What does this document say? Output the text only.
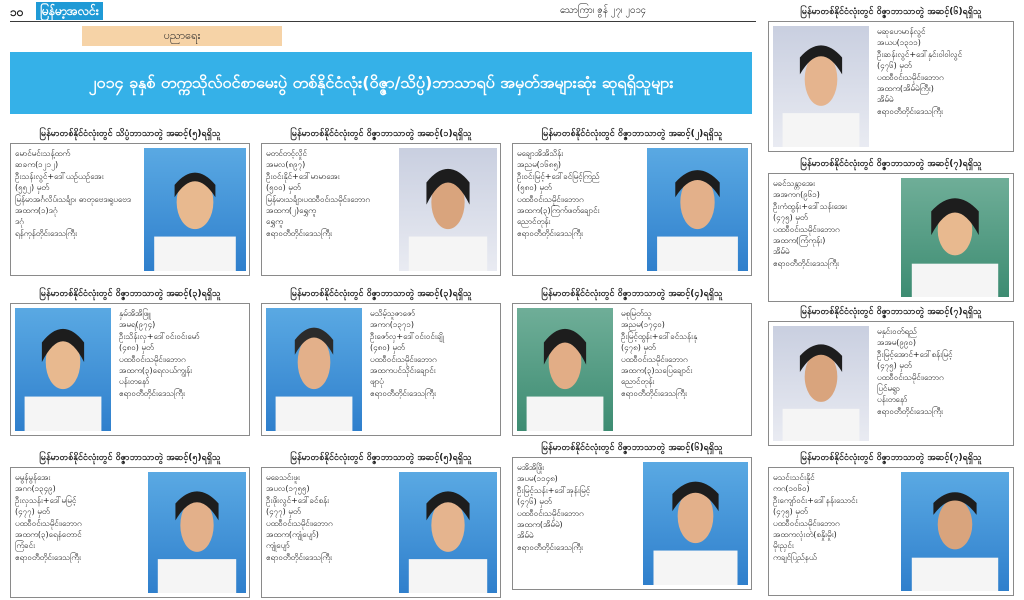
၁၀	မြန်မာ့အလင်း	သောကြာ၊ ဇွန် ၂၇၊ ၂၀၁၄
ပညာရေး
၂၀၁၄ ခုနှစ် တက္ကသိုလ်ဝင်စာမေးပွဲ တစ်နိုင်ငံလုံး(ဝိဇ္ဇာ/သိပ္ပံ)ဘာသာရပ် အမှတ်အများဆုံး ဆုရရှိသူများ
မြန်မာတစ်နိုင်ငံလုံးတွင် သိပ္ပံဘာသာတွဲ အဆင့်(၅)ရရှိသူ
မောင်မင်းသန့်ထက်
ဆခက(၁၂၁၂)
ဦးသန်းလွင်+ဒေါ်ယဉ်ယဉ်အေး
(၅၅၂) မှတ်
မြန်မာအင်္ဂလိပ်၊သင်္ချာ၊ ဓာတုဗေဒ၊ရူပဗေဒ
အထက(၁)ဒဂုံ
ဒဂုံ
ရန်ကုန်တိုင်းဒေသကြီး
မြန်မာတစ်နိုင်ငံလုံးတွင် ဝိဇ္ဇာဘာသာတွဲ အဆင့်(၁)ရရှိသူ
မတင်တင့်လှိုင်
အမလ(၈၉၇)
ဦးဝင်းနိုင်+ဒေါ်မာမာအေး
(၅၀၀) မှတ်
မြန်မာ၊သင်္ချာ၊ပထဝီဝင်၊သမိုင်း၊ဘောဂ
အထက(၂)ရွှေကူ
ရွှေကူ
ဧရာဝတီတိုင်းဒေသကြီး
မြန်မာတစ်နိုင်ငံလုံးတွင် ဝိဇ္ဇာဘာသာတွဲ အဆင့်(၂)ရရှိသူ
မချောအိအိသိန်း
အညမ(၁၆၈၅)
ဦးဝင်းမြင့်+ဒေါ်ခင်မြင့်ကြည်
(၅၈၀) မှတ်
ပထဝီဝင်၊သမိုင်း၊ဘောဂ
အထက(၃)ကြက်ဖတ်ချောင်း
ညောင်တုန်း
ဧရာဝတီတိုင်းဒေသကြီး
မြန်မာတစ်နိုင်ငံလုံးတွင် ဝိဇ္ဇာဘာသာတွဲ အဆင့်(၃)ရရှိသူ
နှမ်အိအိဖြူ
အမရ(၉၇၄)
ဦးသိန်းလှ+ဒေါ်ဝင်းဝင်းမော်
(၄၈၀) မှတ်
ပထဝီဝင်၊သမိုင်း၊ဘောဂ
အထက(၃)ရေလယ်ကျွန်း
ပန်းတနော်
ဧရာဝတီတိုင်းဒေသကြီး
မြန်မာတစ်နိုင်ငံလုံးတွင် ဝိဇ္ဇာဘာသာတွဲ အဆင့်(၃)ရရှိသူ
မသိမ့်သူဇာဇော်
အကဂ(၁၃၇၁)
ဦးဇော်လှ+ဒေါ်ဝင်းဝင်းချို
(၄၈၀) မှတ်
ပထဝီဝင်၊သမိုင်း၊ဘောဂ
အထကပင်သိုင်းချောင်း
ဖျာပုံ
ဧရာဝတီတိုင်းဒေသကြီး
မြန်မာတစ်နိုင်ငံလုံးတွင် ဝိဇ္ဇာဘာသာတွဲ အဆင့်(၄)ရရှိသူ
မစုမြတ်သူ
အညမ(၁၇၄၀)
ဦးမြင့်ထွန်း+ဒေါ်ခင်သန်းနု
(၄၇၈) မှတ်
ပထဝီဝင်၊သမိုင်း၊ဘောဂ
အထက(၃)သပြေချောင်း
ညောင်တုန်း
ဧရာဝတီတိုင်းဒေသကြီး
မြန်မာတစ်နိုင်ငံလုံးတွင် ဝိဇ္ဇာဘာသာတွဲ အဆင့်(၅)ရရှိသူ
မမွန်မွန်အေး
အဂဂ(၁၃၄၉)
ဦးလှသန်း+ဒေါ်မမြင့်
(၄၇၇) မှတ်
ပထဝီဝင်၊သမိုင်း၊ဘောဂ
အထက(၃)ရေနံတောင်
ကြံခင်း
ဧရာဝတီတိုင်းဒေသကြီး
မြန်မာတစ်နိုင်ငံလုံးတွင် ဝိဇ္ဇာဘာသာတွဲ အဆင့်(၅)ရရှိသူ
မခေသင်းဖူး
အပလ(၁၇၅၅)
ဦးဖိုးလွင်+ဒေါ်ခင်စန်း
(၄၇၇) မှတ်
ပထဝီဝင်၊သမိုင်း၊ဘောဂ
အထက(ကျုံပျော်)
ကျုံပျော်
ဧရာဝတီတိုင်းဒေသကြီး
မြန်မာတစ်နိုင်ငံလုံးတွင် ဝိဇ္ဇာဘာသာတွဲ အဆင့်(၆)ရရှိသူ
မအိအိဖြိုး
အပမ(၁၁၄၈)
ဦးမြင့်သန်း+ဒေါ်အုန်းမြင့်
(၄၇၆) မှတ်
ပထဝီဝင်၊သမိုင်း၊ဘောဂ
အထက(အိမ်မဲ)
အိမ်မဲ
ဧရာဝတီတိုင်းဒေသကြီး
မြန်မာတစ်နိုင်ငံလုံးတွင် ဝိဇ္ဇာဘာသာတွဲ အဆင့်(၆)ရရှိသူ
မဆုဟေမာန်လွင်
အယပ(၁၃၁၁)
ဦးဆန်းလွင်+ဒေါ်နှင်းဝါဝါလွင်
(၄၇၆) မှတ်
ပထဝီဝင်၊သမိုင်း၊ဘောဂ
အထက(အိမ်မဲကြီး)
အိမ်မဲ
ဧရာဝတီတိုင်းဒေသကြီး
မြန်မာတစ်နိုင်ငံလုံးတွင် ဝိဇ္ဇာဘာသာတွဲ အဆင့်(၇)ရရှိသူ
မခင်သန္တာအေး
အအကဂ(၉၆၁)
ဦးကံထွန်း+ဒေါ်သန်းအေး
(၄၇၅) မှတ်
ပထဝီဝင်၊သမိုင်း၊ဘောဂ
အထက(ကြံကုန်း)
အိမ်မဲ
ဧရာဝတီတိုင်းဒေသကြီး
မြန်မာတစ်နိုင်ငံလုံးတွင် ဝိဇ္ဇာဘာသာတွဲ အဆင့်(၇)ရရှိသူ
မနှင်းဝတ်ရည်
အအမ(၉၉၀)
ဦးမြင့်အောင်+ဒေါ်စန်းမြင့်
(၄၇၅) မှတ်
ပထဝီဝင်၊သမိုင်း၊ဘောဂ
ပြင်မရွာ
ပန်းတနော်
ဧရာဝတီတိုင်းဒေသကြီး
မြန်မာတစ်နိုင်ငံလုံးတွင် ဝိဇ္ဇာဘာသာတွဲ အဆင့်(၇)ရရှိသူ
မသင်းသင်းနိုင်
ကဂ(၁၀၆၀)
ဦးကျော်ဝင်း+ဒေါ်နန်းသောင်း
(၄၇၅) မှတ်
ပထဝီဝင်၊သမိုင်း၊ဘောဂ
အထကလုံးတဲ(စနှိုးမှိုး)
မိုးညှင်း
ကချင်ပြည်နယ်
